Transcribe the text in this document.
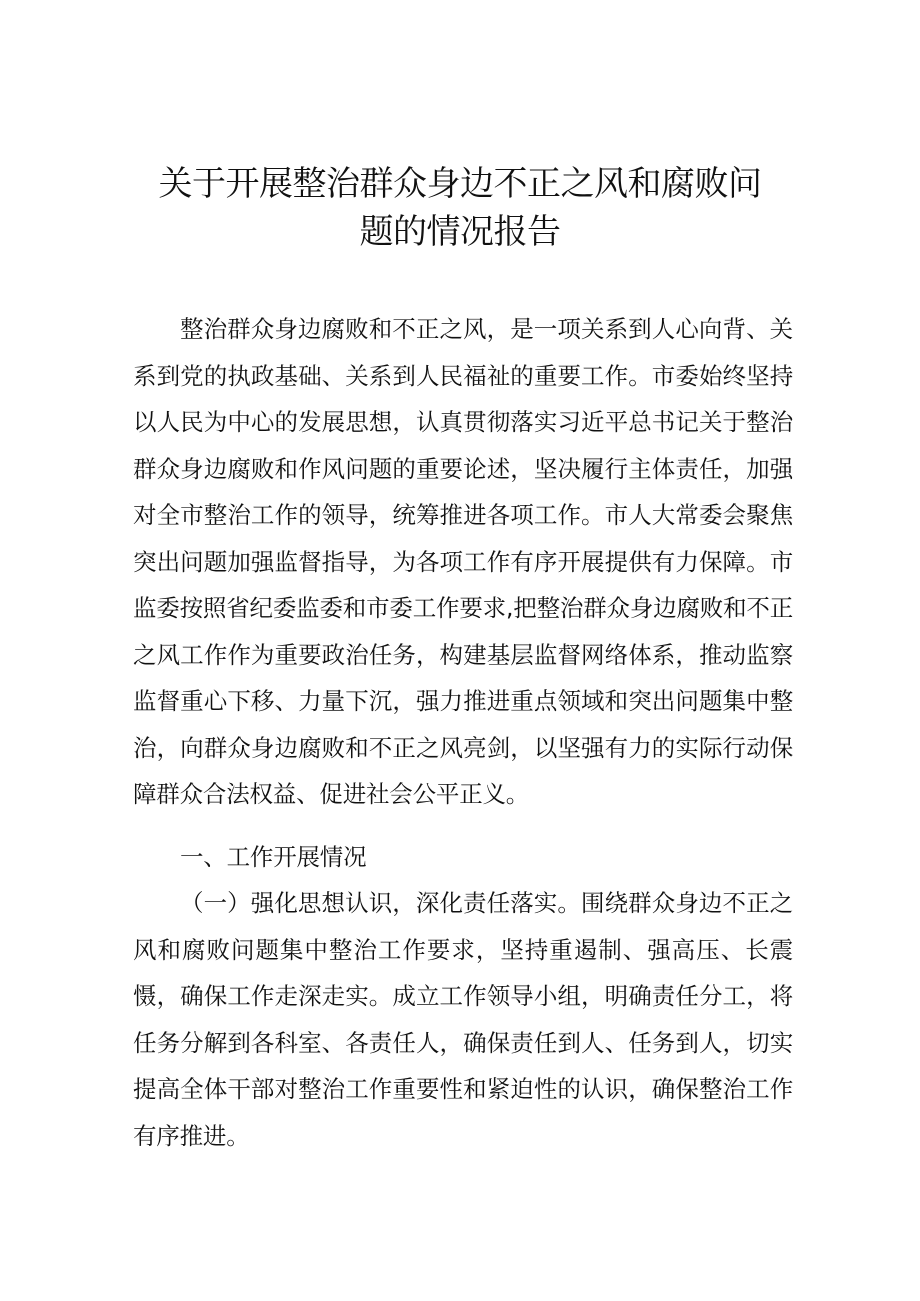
关于开展整治群众身边不正之风和腐败问
题的情况报告

整治群众身边腐败和不正之风，是一项关系到人心向背、关系到党的执政基础、关系到人民福祉的重要工作。市委始终坚持以人民为中心的发展思想，认真贯彻落实习近平总书记关于整治群众身边腐败和作风问题的重要论述，坚决履行主体责任，加强对全市整治工作的领导，统筹推进各项工作。市人大常委会聚焦突出问题加强监督指导，为各项工作有序开展提供有力保障。市监委按照省纪委监委和市委工作要求,把整治群众身边腐败和不正之风工作作为重要政治任务，构建基层监督网络体系，推动监察监督重心下移、力量下沉，强力推进重点领域和突出问题集中整治，向群众身边腐败和不正之风亮剑，以坚强有力的实际行动保障群众合法权益、促进社会公平正义。

一、工作开展情况

（一）强化思想认识，深化责任落实。围绕群众身边不正之风和腐败问题集中整治工作要求，坚持重遏制、强高压、长震慑，确保工作走深走实。成立工作领导小组，明确责任分工，将任务分解到各科室、各责任人，确保责任到人、任务到人，切实提高全体干部对整治工作重要性和紧迫性的认识，确保整治工作有序推进。
